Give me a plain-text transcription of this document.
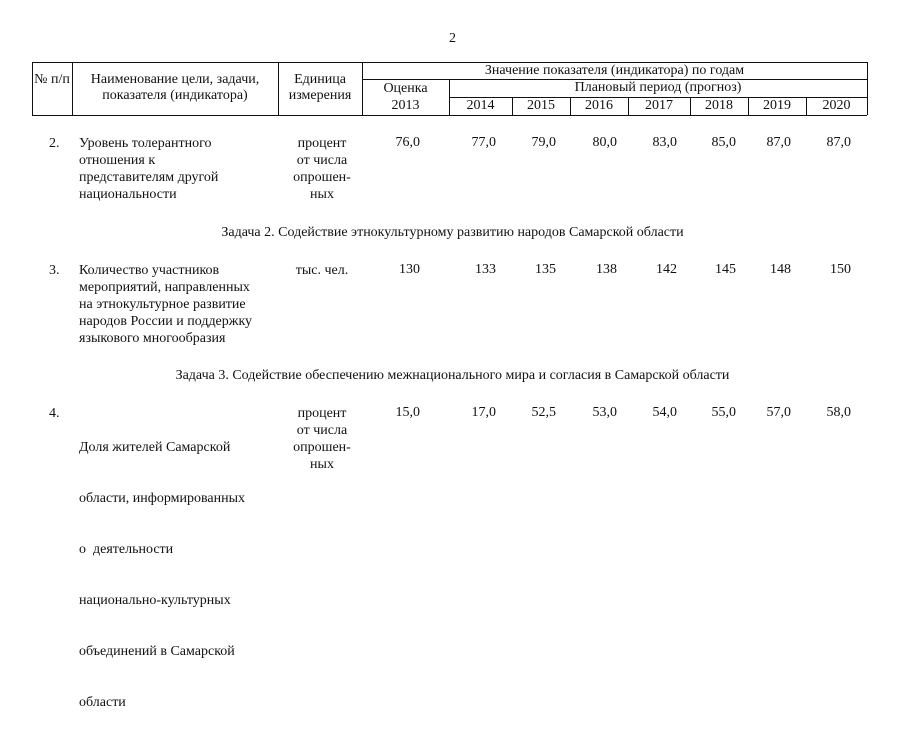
2
№ п/п	Наименование цели, задачи, показателя (индикатора)
Единица измерения
Значение показателя (индикатора) по годам
Оценка
2013
Плановый период (прогноз)
2014	2015	2016	2017	2018	2019	2020
2. Уровень толерантного
отношения к
представителям другой
национальности
процент
от числа
опрошен-
ных
76,0	77,0	79,0	80,0	83,0	85,0	87,0	87,0
Задача 2. Содействие этнокультурному развитию народов Самарской области
3. Количество участников
мероприятий, направленных
на этнокультурное развитие
народов России и поддержку
языкового многообразия
тыс. чел.	130	133	135	138	142	145	148	150
Задача 3. Содействие обеспечению межнационального мира и согласия в Самарской области
4.

Доля жителей Самарской

области, информированных

о  деятельности

национально-культурных

объединений в Самарской

области

процент
от числа
опрошен-
ных
15,0	17,0	52,5	53,0	54,0	55,0	57,0	58,0
